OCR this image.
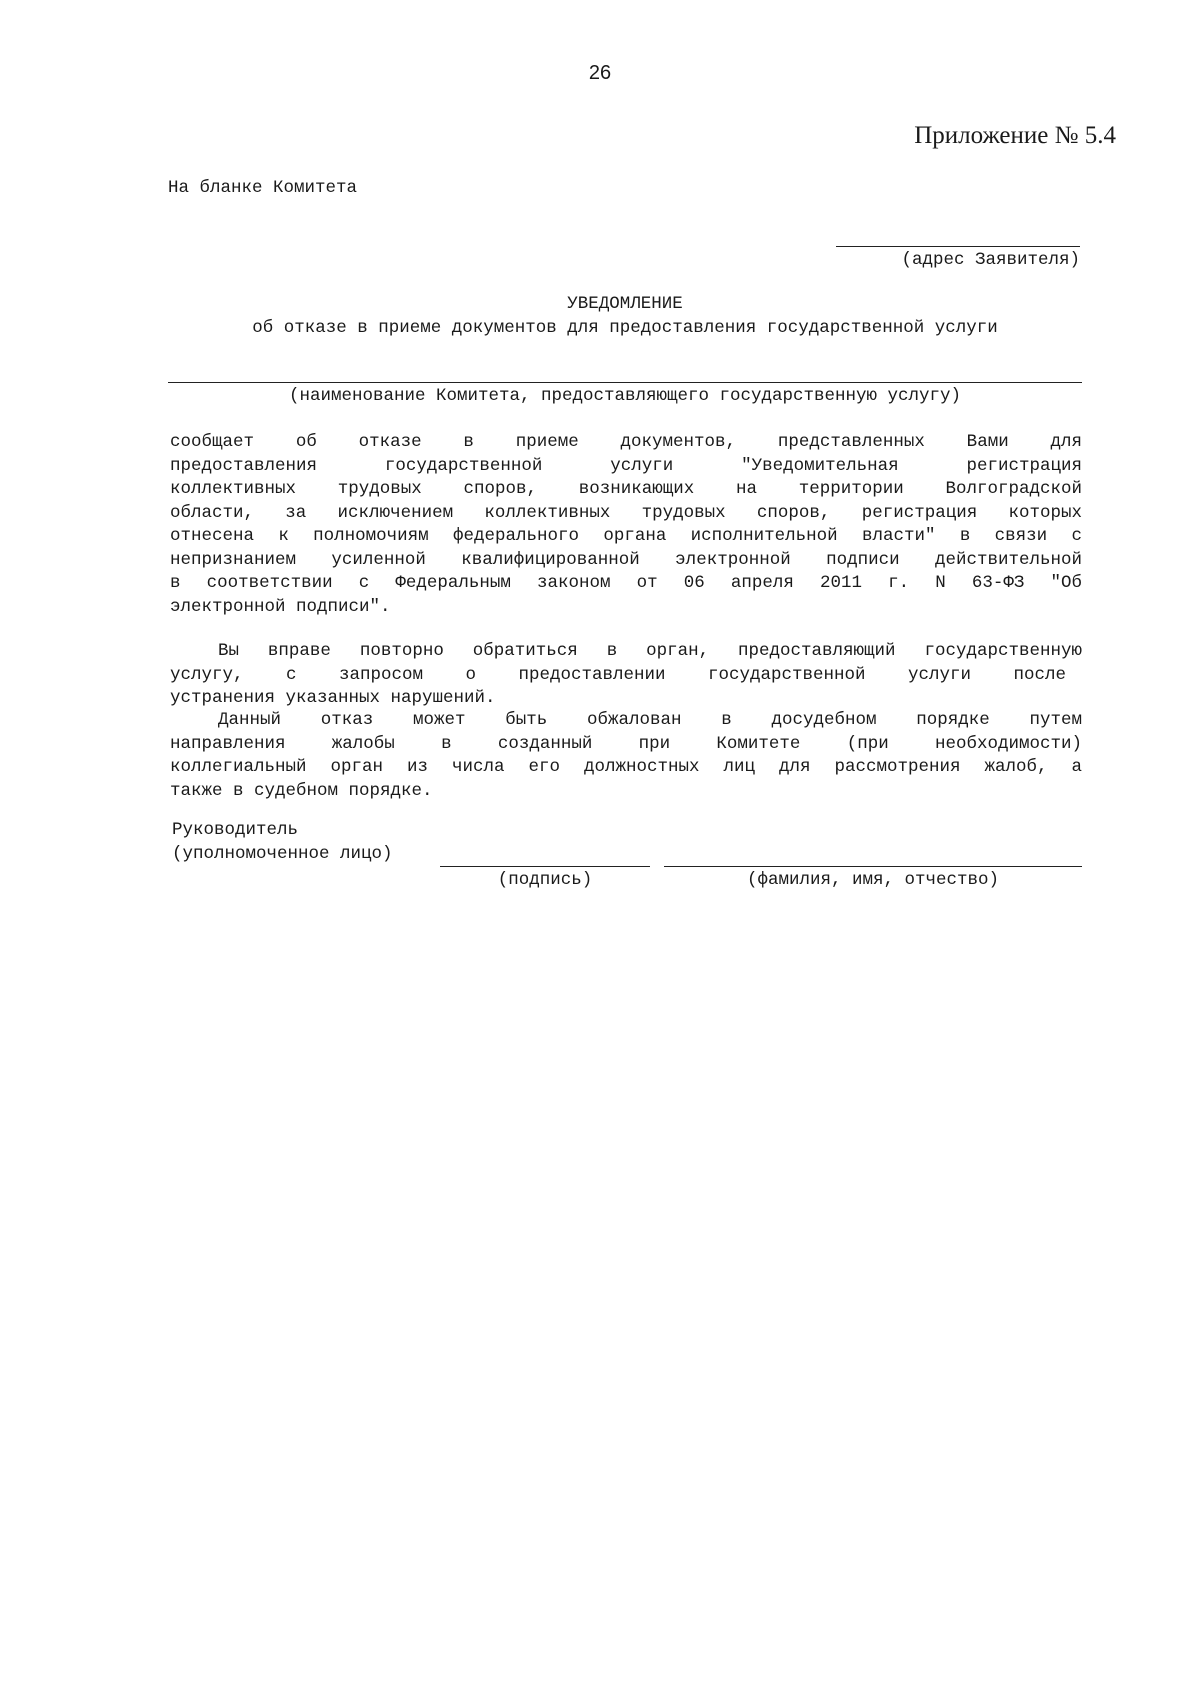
26
Приложение № 5.4
На бланке Комитета
(адрес Заявителя)
УВЕДОМЛЕНИЕ
об отказе в приеме документов для предоставления государственной услуги
(наименование Комитета, предоставляющего государственную услугу)
сообщает об отказе в приеме документов, представленных Вами для
предоставления государственной услуги "Уведомительная регистрация
коллективных трудовых споров, возникающих на территории Волгоградской
области, за исключением коллективных трудовых споров, регистрация которых
отнесена к полномочиям федерального органа исполнительной власти" в связи с
непризнанием усиленной квалифицированной электронной подписи действительной
в соответствии с Федеральным законом от 06 апреля 2011 г. N 63-ФЗ "Об
электронной подписи".
Вы вправе повторно обратиться в орган, предоставляющий государственную
услугу, с запросом о предоставлении государственной услуги после
устранения указанных нарушений.
Данный отказ может быть обжалован в досудебном порядке путем
направления жалобы в созданный при Комитете (при необходимости)
коллегиальный орган из числа его должностных лиц для рассмотрения жалоб, а
также в судебном порядке.
Руководитель
(уполномоченное лицо)
(подпись)	(фамилия, имя, отчество)
